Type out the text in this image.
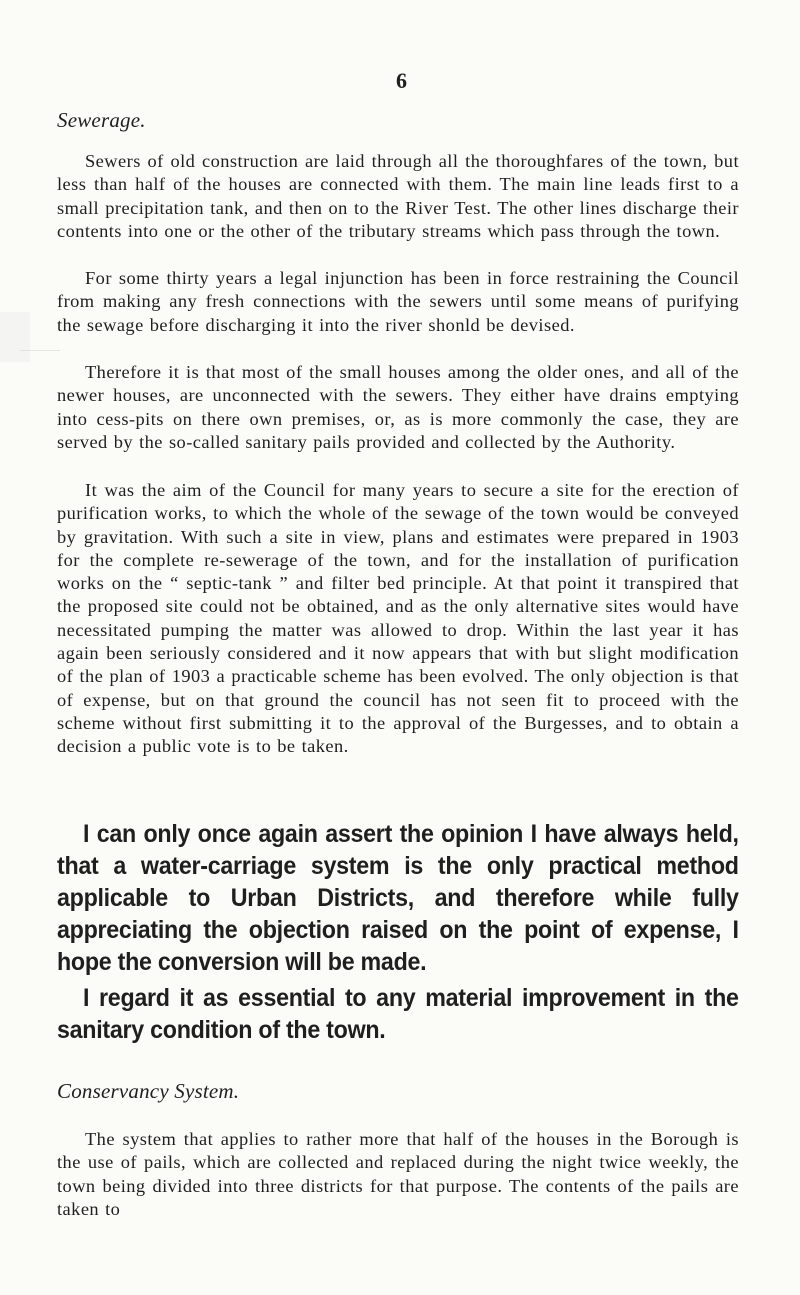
6
Sewerage.

Sewers of old construction are laid through all the thoroughfares of the town, but less than half of the houses are connected with them. The main line leads first to a small precipitation tank, and then on to the River Test. The other lines discharge their contents into one or the other of the tributary streams which pass through the town.

For some thirty years a legal injunction has been in force restraining the Council from making any fresh connections with the sewers until some means of purifying the sewage before discharging it into the river shonld be devised.

Therefore it is that most of the small houses among the older ones, and all of the newer houses, are unconnected with the sewers. They either have drains emptying into cess-pits on there own premises, or, as is more commonly the case, they are served by the so-called sanitary pails provided and collected by the Authority.

It was the aim of the Council for many years to secure a site for the erection of purification works, to which the whole of the sewage of the town would be conveyed by gravitation. With such a site in view, plans and estimates were prepared in 1903 for the complete re-sewerage of the town, and for the installation of purification works on the “ septic-tank ” and filter bed principle. At that point it transpired that the proposed site could not be obtained, and as the only alternative sites would have necessitated pumping the matter was allowed to drop. Within the last year it has again been seriously considered and it now appears that with but slight modification of the plan of 1903 a practicable scheme has been evolved. The only objection is that of expense, but on that ground the council has not seen fit to proceed with the scheme without first submitting it to the approval of the Burgesses, and to obtain a decision a public vote is to be taken.

I can only once again assert the opinion I have always held, that a water-carriage system is the only practical method applicable to Urban Districts, and therefore while fully appreciating the objection raised on the point of expense, I hope the conversion will be made.

I regard it as essential to any material improvement in the sanitary condition of the town.

Conservancy System.

The system that applies to rather more that half of the houses in the Borough is the use of pails, which are collected and replaced during the night twice weekly, the town being divided into three districts for that purpose. The contents of the pails are taken to
